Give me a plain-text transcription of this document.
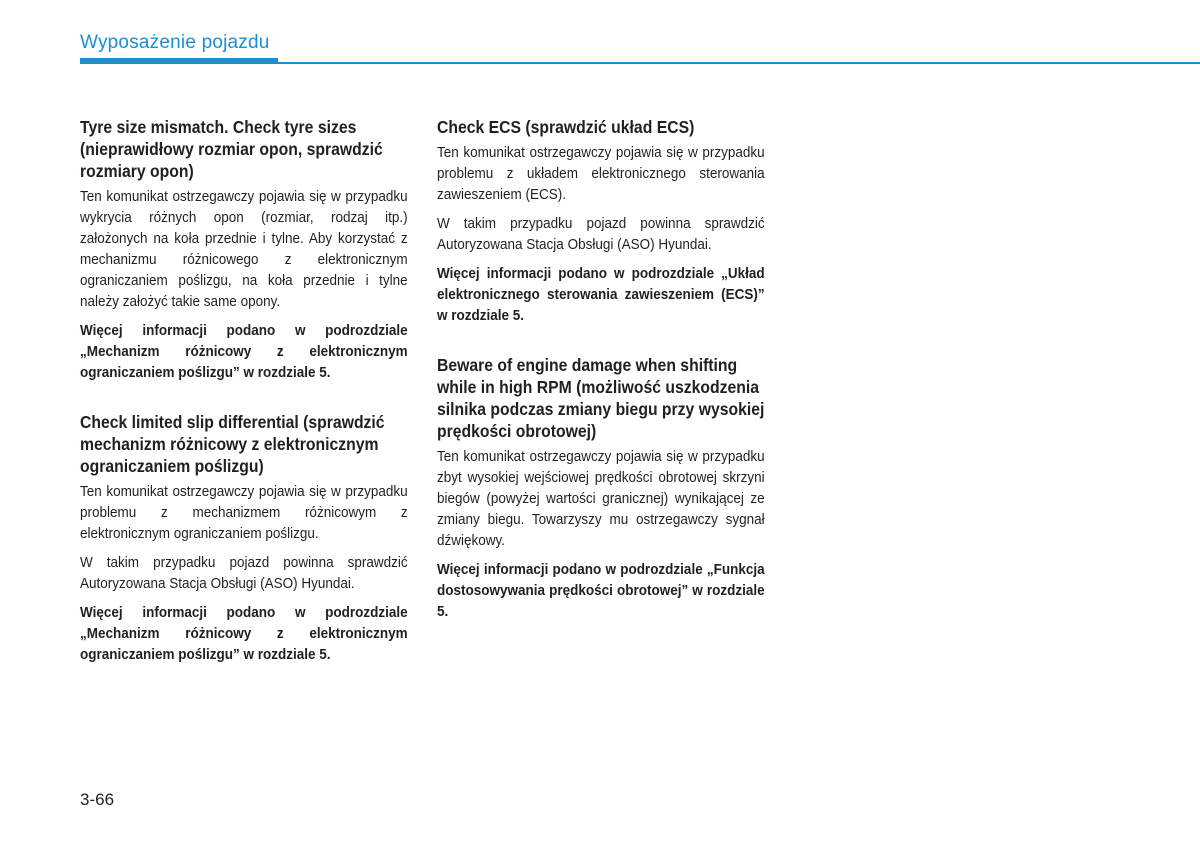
Wyposażenie pojazdu

Tyre size mismatch. Check tyre sizes (nieprawidłowy rozmiar opon, sprawdzić rozmiary opon)

Ten komunikat ostrzegawczy pojawia się w przypadku wykrycia różnych opon (rozmiar, rodzaj itp.) założonych na koła przednie i tylne. Aby korzystać z mechanizmu różnicowego z elektronicznym ograniczaniem poślizgu, na koła przednie i tylne należy założyć takie same opony.

Więcej informacji podano w podrozdziale „Mechanizm różnicowy z elektronicznym ograniczaniem poślizgu” w rozdziale 5.

Check limited slip differential (sprawdzić mechanizm różnicowy z elektronicznym ograniczaniem poślizgu)

Ten komunikat ostrzegawczy pojawia się w przypadku problemu z mechanizmem różnicowym z elektronicznym ograniczaniem poślizgu.

W takim przypadku pojazd powinna sprawdzić Autoryzowana Stacja Obsługi (ASO) Hyundai.

Więcej informacji podano w podrozdziale „Mechanizm różnicowy z elektronicznym ograniczaniem poślizgu” w rozdziale 5.

Check ECS (sprawdzić układ ECS)

Ten komunikat ostrzegawczy pojawia się w przypadku problemu z układem elektronicznego sterowania zawieszeniem (ECS).

W takim przypadku pojazd powinna sprawdzić Autoryzowana Stacja Obsługi (ASO) Hyundai.

Więcej informacji podano w podrozdziale „Układ elektronicznego sterowania zawieszeniem (ECS)” w rozdziale 5.

Beware of engine damage when shifting while in high RPM (możliwość uszkodzenia silnika podczas zmiany biegu przy wysokiej prędkości obrotowej)

Ten komunikat ostrzegawczy pojawia się w przypadku zbyt wysokiej wejściowej prędkości obrotowej skrzyni biegów (powyżej wartości granicznej) wynikającej ze zmiany biegu. Towarzyszy mu ostrzegawczy sygnał dźwiękowy.

Więcej informacji podano w podrozdziale „Funkcja dostosowywania prędkości obrotowej” w rozdziale 5.

3-66
